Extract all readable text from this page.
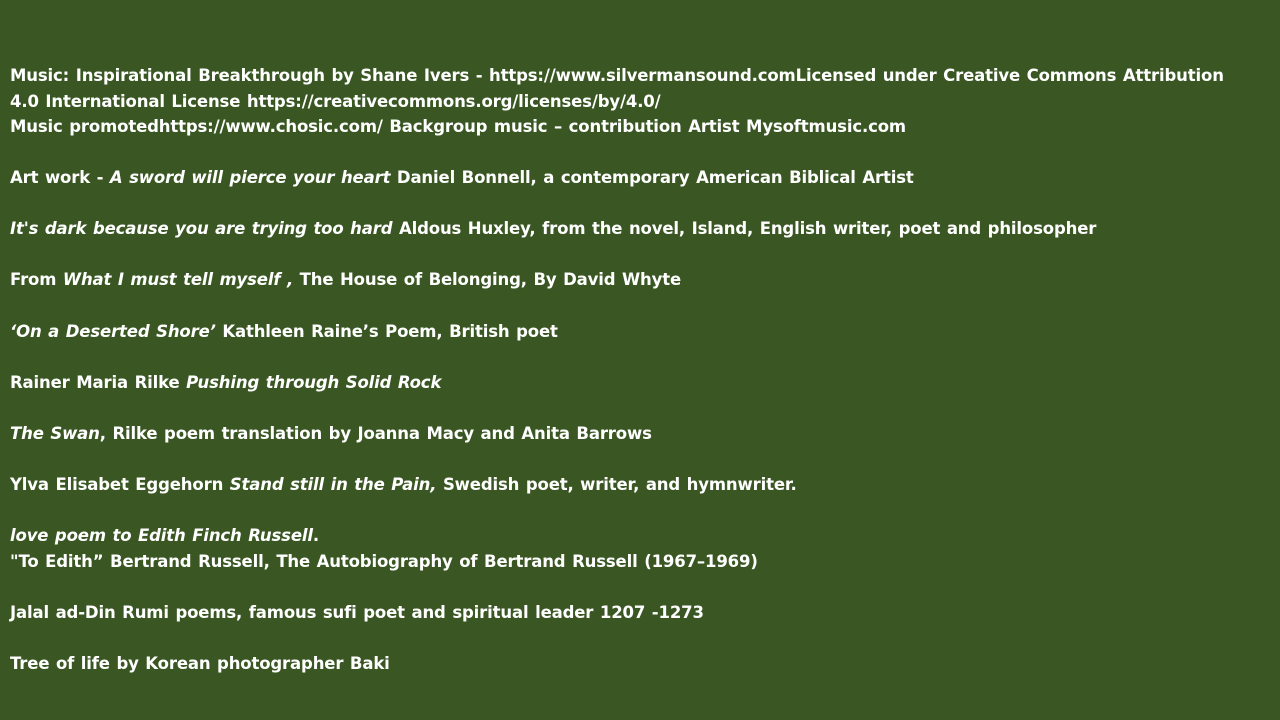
Music: Inspirational Breakthrough by Shane Ivers - https://www.silvermansound.comLicensed under Creative Commons Attribution
4.0 International License https://creativecommons.org/licenses/by/4.0/
Music promotedhttps://www.chosic.com/ Backgroup music – contribution Artist Mysoftmusic.com
Art work - A sword will pierce your heart Daniel Bonnell, a contemporary American Biblical Artist
It's dark because you are trying too hard Aldous Huxley, from the novel, Island, English writer, poet and philosopher
From What I must tell myself , The House of Belonging, By David Whyte
‘On a Deserted Shore’ Kathleen Raine’s Poem, British poet
Rainer Maria Rilke Pushing through Solid Rock
The Swan, Rilke poem translation by Joanna Macy and Anita Barrows
Ylva Elisabet Eggehorn Stand still in the Pain, Swedish poet, writer, and hymnwriter.
love poem to Edith Finch Russell.
"To Edith” Bertrand Russell, The Autobiography of Bertrand Russell (1967–1969)
Jalal ad-Din Rumi poems, famous sufi poet and spiritual leader 1207 -1273
Tree of life by Korean photographer Baki
